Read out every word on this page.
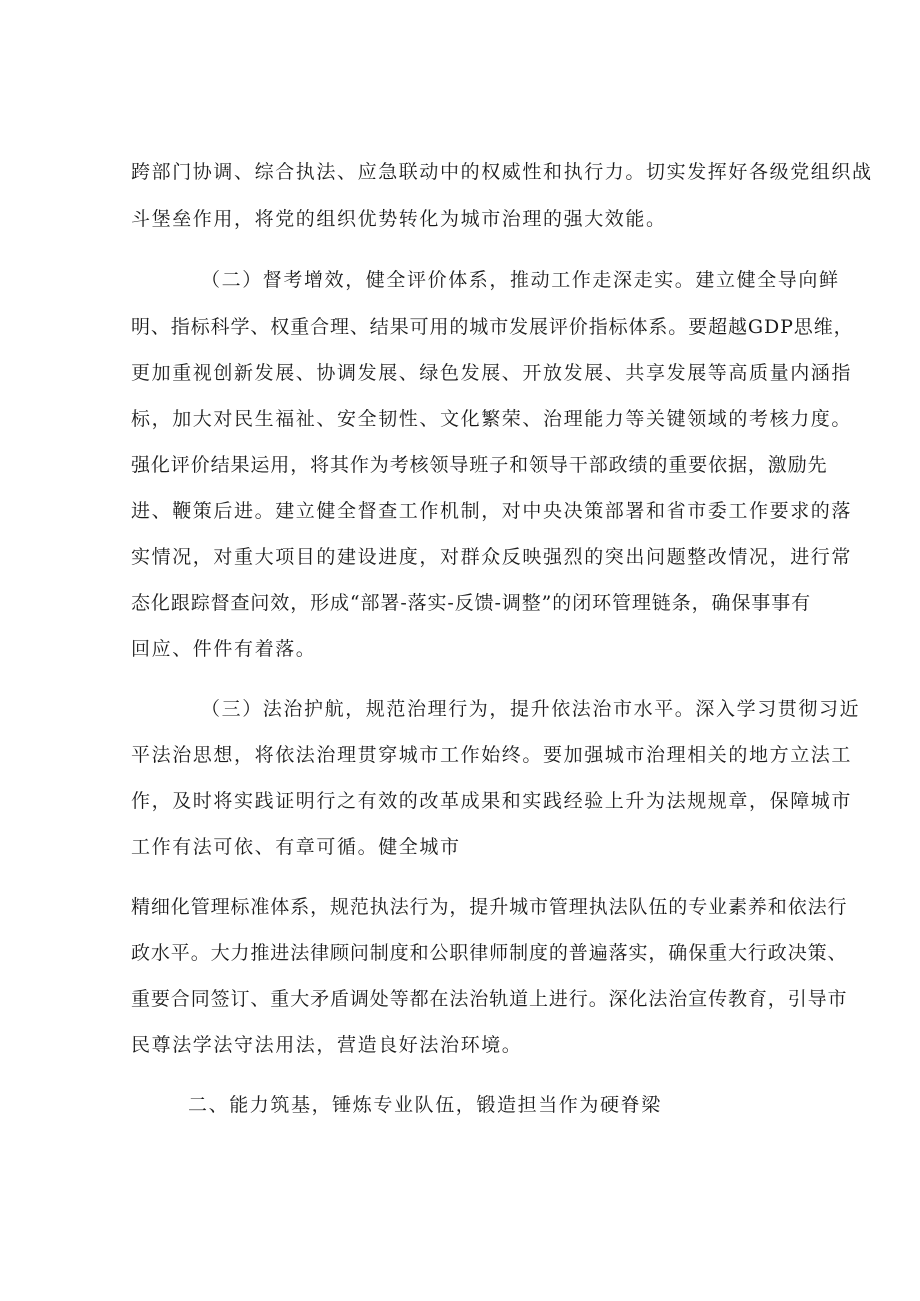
跨部门协调、综合执法、应急联动中的权威性和执行力。切实发挥好各级党组织战
斗堡垒作用，将党的组织优势转化为城市治理的强大效能。
（二）督考增效，健全评价体系，推动工作走深走实。建立健全导向鲜
明、指标科学、权重合理、结果可用的城市发展评价指标体系。要超越GDP思维，
更加重视创新发展、协调发展、绿色发展、开放发展、共享发展等高质量内涵指
标，加大对民生福祉、安全韧性、文化繁荣、治理能力等关键领域的考核力度。
强化评价结果运用，将其作为考核领导班子和领导干部政绩的重要依据，激励先
进、鞭策后进。建立健全督查工作机制，对中央决策部署和省市委工作要求的落
实情况，对重大项目的建设进度，对群众反映强烈的突出问题整改情况，进行常
态化跟踪督查问效，形成“部署-落实-反馈-调整”的闭环管理链条，确保事事有
回应、件件有着落。
（三）法治护航，规范治理行为，提升依法治市水平。深入学习贯彻习近
平法治思想，将依法治理贯穿城市工作始终。要加强城市治理相关的地方立法工
作，及时将实践证明行之有效的改革成果和实践经验上升为法规规章，保障城市
工作有法可依、有章可循。健全城市
精细化管理标准体系，规范执法行为，提升城市管理执法队伍的专业素养和依法行
政水平。大力推进法律顾问制度和公职律师制度的普遍落实，确保重大行政决策、
重要合同签订、重大矛盾调处等都在法治轨道上进行。深化法治宣传教育，引导市
民尊法学法守法用法，营造良好法治环境。
二、能力筑基，锤炼专业队伍，锻造担当作为硬脊梁
